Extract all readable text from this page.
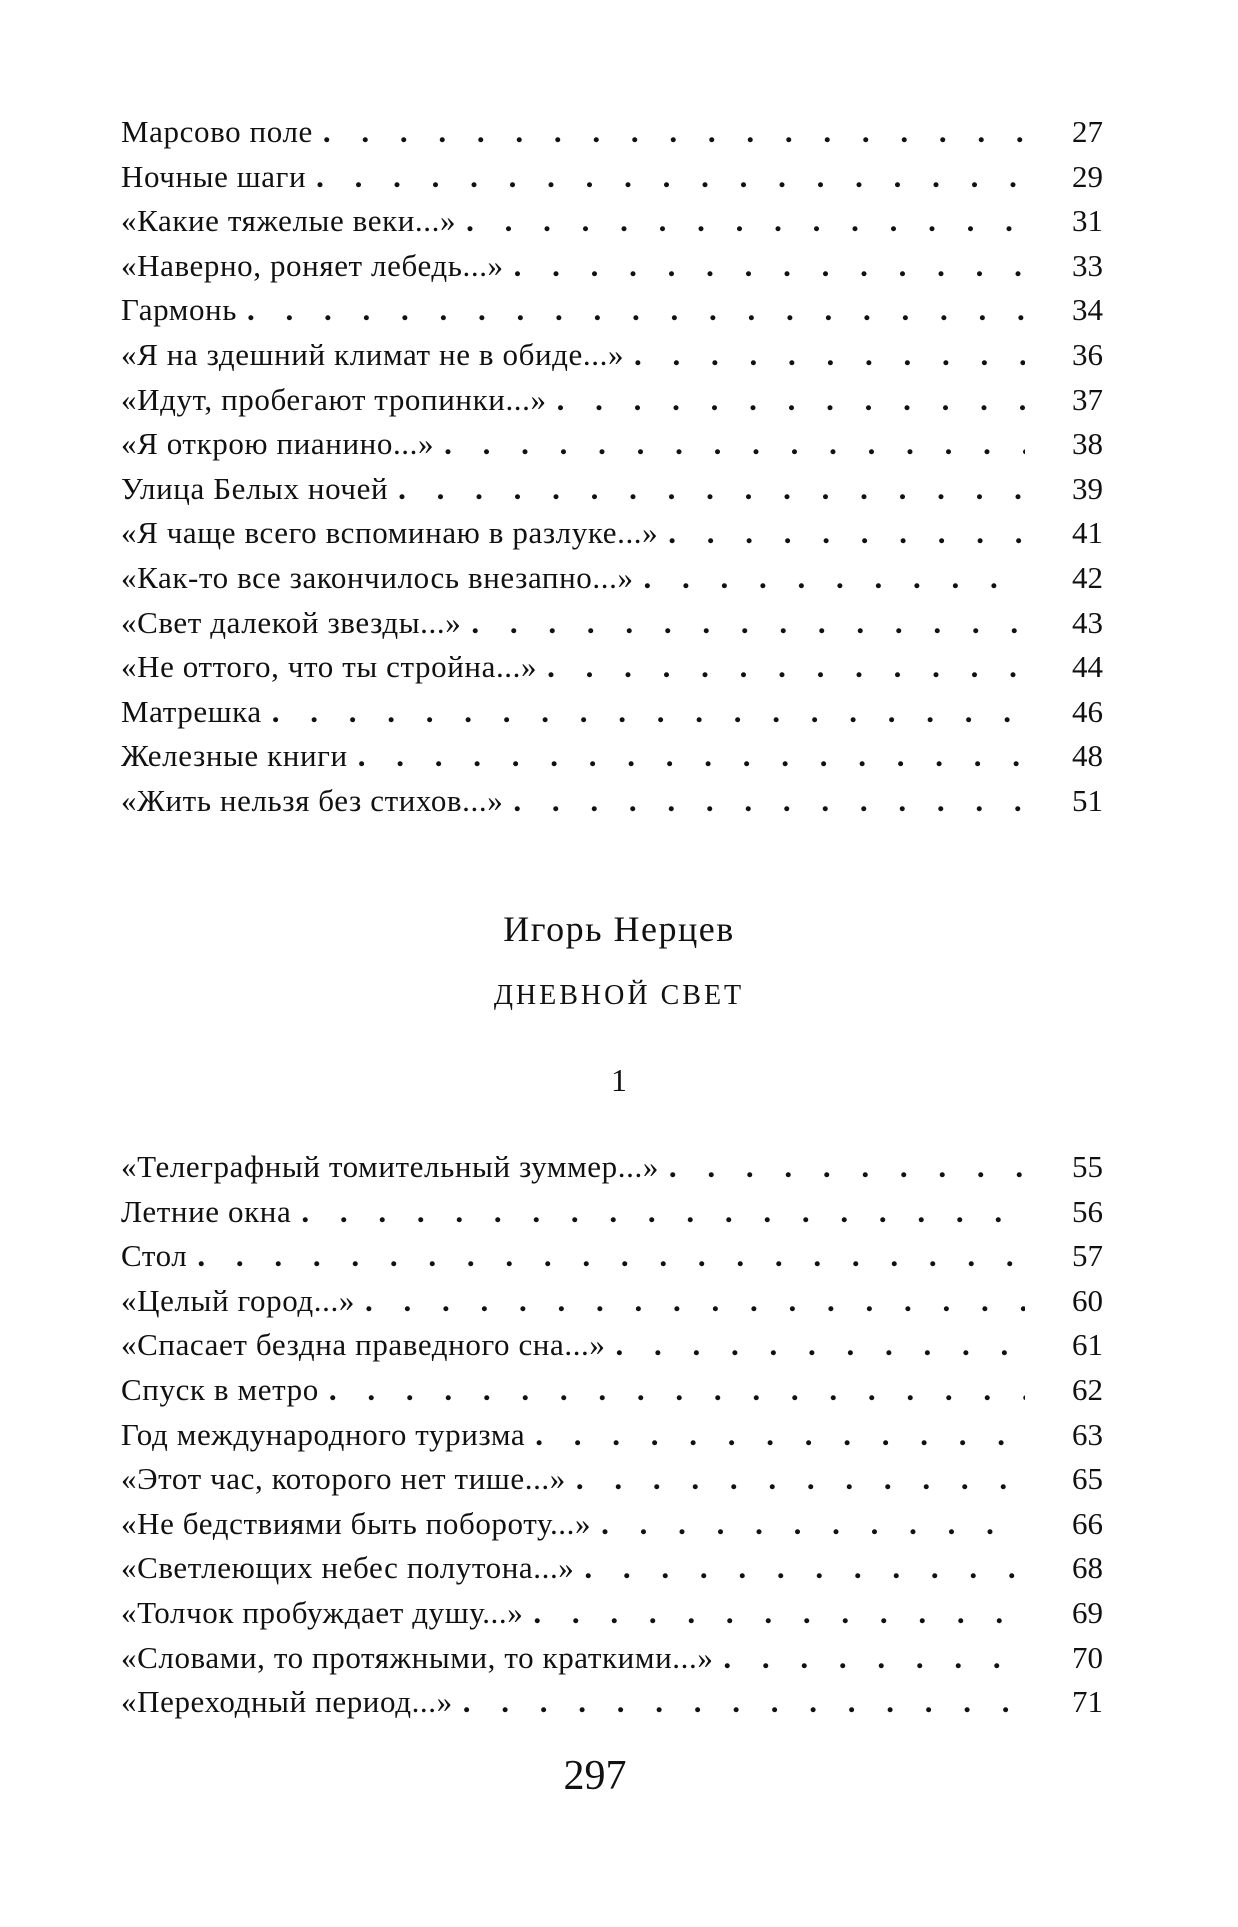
Марсово поле . . .	27
Ночные шаги . . .	29
«Какие тяжелые веки...» . . .	31
«Наверно, роняет лебедь...» . . .	33
Гармонь . . .	34
«Я на здешний климат не в обиде...» . . .	36
«Идут, пробегают тропинки...» . . .	37
«Я открою пианино...» . . .	38
Улица Белых ночей . . .	39
«Я чаще всего вспоминаю в разлуке...» . . .	41
«Как-то все закончилось внезапно...» . . .	42
«Свет далекой звезды...» . . .	43
«Не оттого, что ты стройна...» . . .	44
Матрешка . . .	46
Железные книги . . .	48
«Жить нельзя без стихов...» . . .	51
Игорь Нерцев
ДНЕВНОЙ СВЕТ
1
«Телеграфный томительный зуммер...» . . .	55
Летние окна . . .	56
Стол . . .	57
«Целый город...» . . .	60
«Спасает бездна праведного сна...» . . .	61
Спуск в метро . . .	62
Год международного туризма . . .	63
«Этот час, которого нет тише...» . . .	65
«Не бедствиями быть побороту...» . . .	66
«Светлеющих небес полутона...» . . .	68
«Толчок пробуждает душу...» . . .	69
«Словами, то протяжными, то краткими...» . . .	70
«Переходный период...» . . .	71
297
